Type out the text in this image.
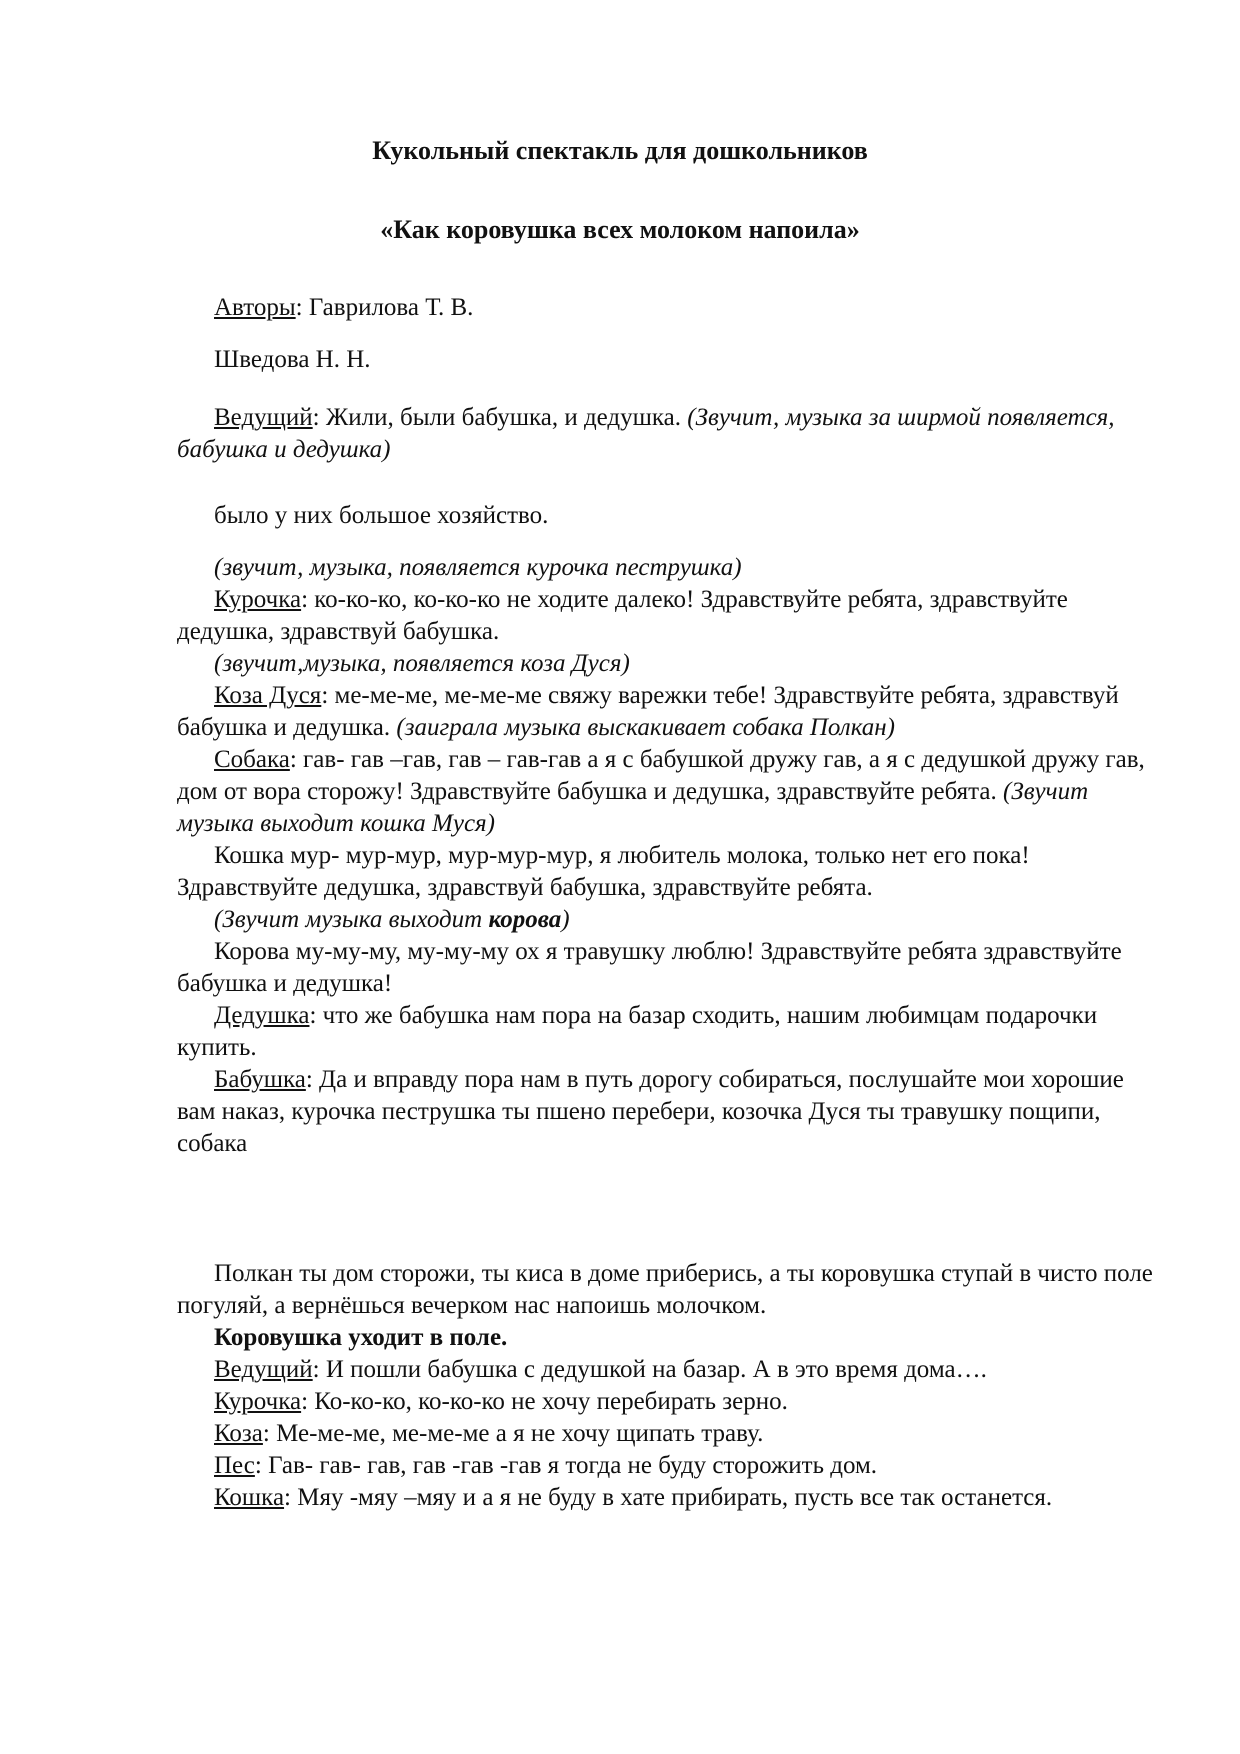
Кукольный спектакль для дошкольников
«Как коровушка всех молоком напоила»

Авторы: Гаврилова Т. В.

Шведова Н. Н.

Ведущий: Жили, были бабушка, и дедушка. (Звучит, музыка за ширмой появляется, бабушка и дедушка)

было у них большое хозяйство.

(звучит, музыка, появляется курочка пеструшка)

Курочка: ко-ко-ко, ко-ко-ко не ходите далеко! Здравствуйте ребята, здравствуйте дедушка, здравствуй бабушка.

(звучит,музыка, появляется коза Дуся)

Коза Дуся: ме-ме-ме, ме-ме-ме свяжу варежки тебе! Здравствуйте ребята, здравствуй бабушка и дедушка. (заиграла музыка выскакивает собака Полкан)

Собака: гав- гав –гав, гав – гав-гав а я с бабушкой дружу гав, а я с дедушкой дружу гав, дом от вора сторожу! Здравствуйте бабушка и дедушка, здравствуйте ребята. (Звучит музыка выходит кошка Муся)

Кошка мур- мур-мур, мур-мур-мур, я любитель молока, только нет его пока! Здравствуйте дедушка, здравствуй бабушка, здравствуйте ребята.

(Звучит музыка выходит корова)

Корова му-му-му, му-му-му ох я травушку люблю! Здравствуйте ребята здравствуйте бабушка и дедушка!

Дедушка: что же бабушка нам пора на базар сходить, нашим любимцам подарочки купить.

Бабушка: Да и вправду пора нам в путь дорогу собираться, послушайте мои хорошие вам наказ, курочка пеструшка ты пшено перебери, козочка Дуся ты травушку пощипи, собака

Полкан ты дом сторожи, ты киса в доме приберись, а ты коровушка ступай в чисто поле погуляй, а вернёшься вечерком нас напоишь молочком.

Коровушка уходит в поле.

Ведущий: И пошли бабушка с дедушкой на базар. А в это время дома….

Курочка: Ко-ко-ко, ко-ко-ко не хочу перебирать зерно.

Коза: Ме-ме-ме, ме-ме-ме а я не хочу щипать траву.

Пес: Гав- гав- гав, гав -гав -гав я тогда не буду сторожить дом.

Кошка: Мяу -мяу –мяу и а я не буду в хате прибирать, пусть все так останется.
